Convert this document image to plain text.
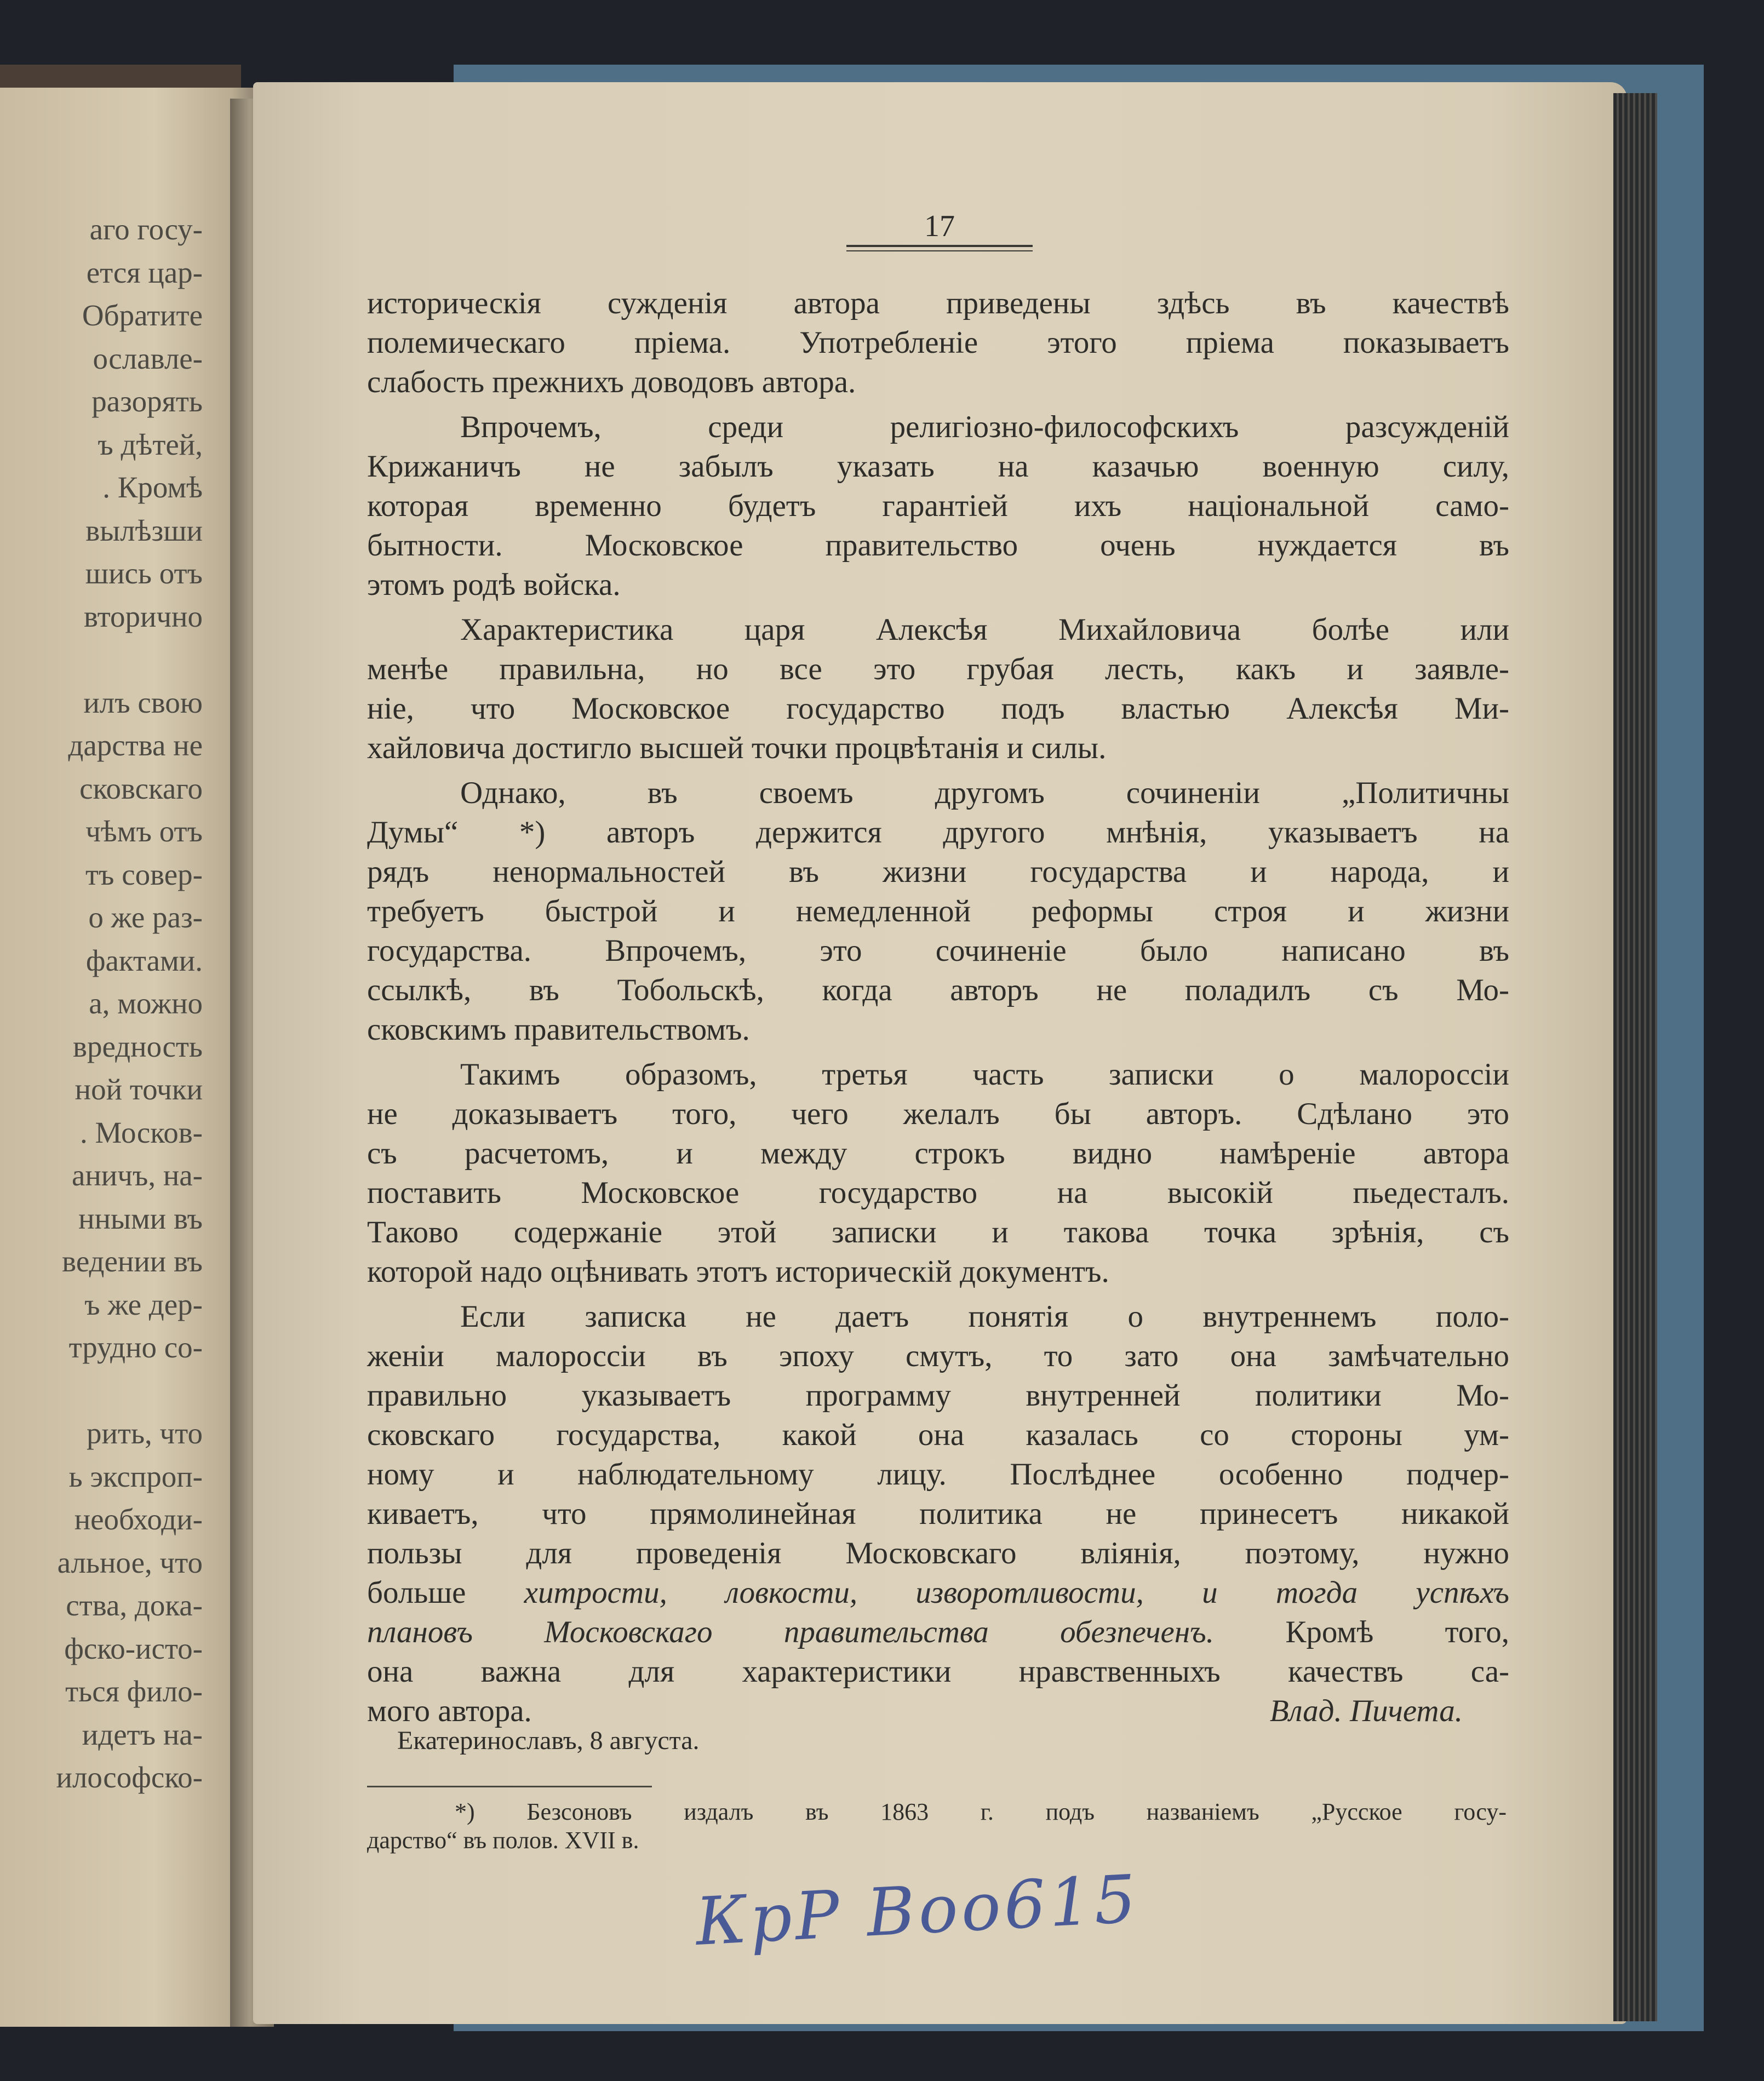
аго госу-
ется цар-
Обратите
ославле-
разорять
ъ дѣтей,
. Кромѣ
вылѣзши
шись отъ
вторично
илъ свою
дарства не
сковскаго
чѣмъ отъ
тъ совер-
о же раз-
фактами.
а, можно
вредность
ной точки
. Москов-
аничъ, на-
нными въ
ведении въ
ъ же дер-
трудно со-
рить, что
ь экспроп-
необходи-
альное, что
ства, дока-
фско-исто-
ться фило-
идетъ на-
илософско-
17
историческія сужденія автора приведены здѣсь въ качествѣ
полемическаго пріема. Употребленіе этого пріема показываетъ
слабость прежнихъ доводовъ автора.
Впрочемъ, среди религіозно-философскихъ разсужденій
Крижаничъ не забылъ указать на казачью военную силу,
которая временно будетъ гарантіей ихъ національной само-
бытности. Московское правительство очень нуждается въ
этомъ родѣ войска.
Характеристика царя Алексѣя Михайловича болѣе или
менѣе правильна, но все это грубая лесть, какъ и заявле-
ніе, что Московское государство подъ властью Алексѣя Ми-
хайловича достигло высшей точки процвѣтанія и силы.
Однако, въ своемъ другомъ сочиненіи „Политичны
Думы“ *) авторъ держится другого мнѣнія, указываетъ на
рядъ ненормальностей въ жизни государства и народа, и
требуетъ быстрой и немедленной реформы строя и жизни
государства. Впрочемъ, это сочиненіе было написано въ
ссылкѣ, въ Тобольскѣ, когда авторъ не поладилъ съ Мо-
сковскимъ правительствомъ.
Такимъ образомъ, третья часть записки о малороссіи
не доказываетъ того, чего желалъ бы авторъ. Сдѣлано это
съ расчетомъ, и между строкъ видно намѣреніе автора
поставить Московское государство на высокій пьедесталъ.
Таково содержаніе этой записки и такова точка зрѣнія, съ
которой надо оцѣнивать этотъ историческій документъ.
Если записка не даетъ понятія о внутреннемъ поло-
женіи малороссіи въ эпоху смутъ, то зато она замѣчательно
правильно указываетъ программу внутренней политики Мо-
сковскаго государства, какой она казалась со стороны ум-
ному и наблюдательному лицу. Послѣднее особенно подчер-
киваетъ, что прямолинейная политика не принесетъ никакой
пользы для проведенія Московскаго вліянія, поэтому, нужно
больше хитрости, ловкости, изворотливости, и тогда успѣхъ
плановъ Московскаго правительства обезпеченъ. Кромѣ того,
она важна для характеристики нравственныхъ качествъ са-
мого автора.	Влад. Пичета.
Екатеринославъ, 8 августа.
*) Безсоновъ издалъ въ 1863 г. подъ названіемъ „Русское госу-
дарство“ въ полов. XVII в.
КрР Воо615
